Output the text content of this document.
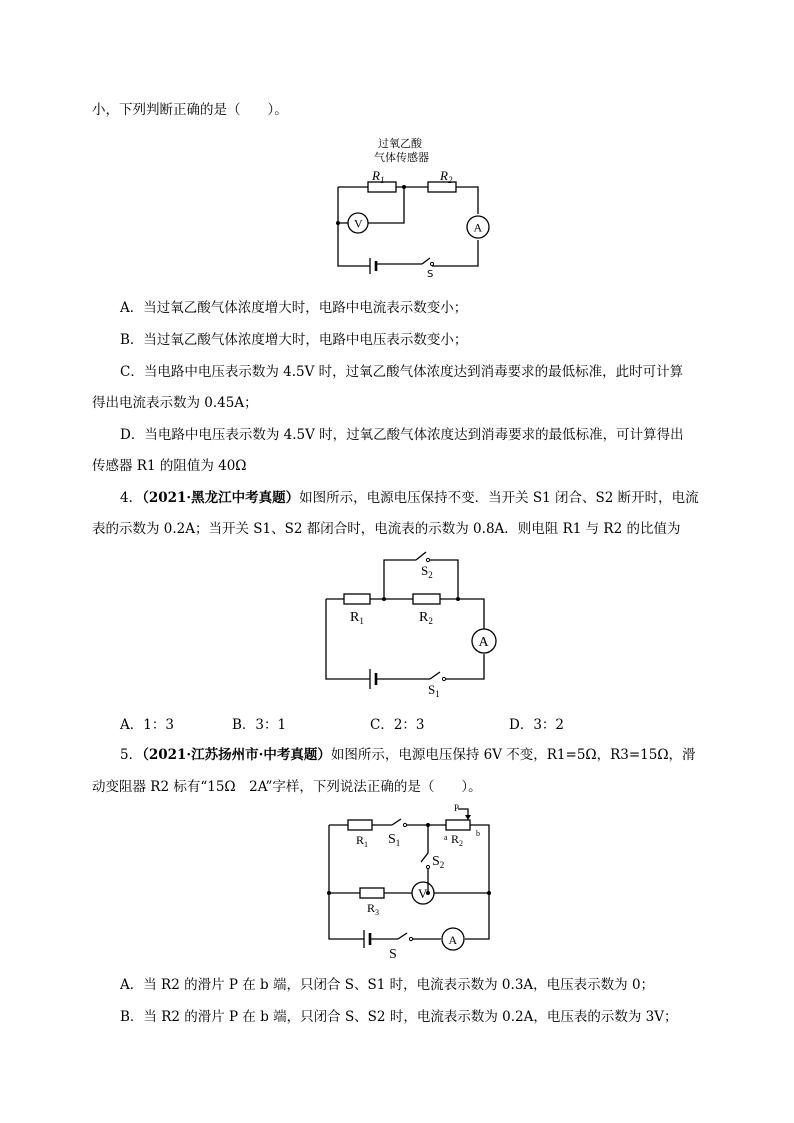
小，下列判断正确的是（　　）。
过氧乙酸
气体传感器
$R_1$	$R_2$
V	A
S
A．当过氧乙酸气体浓度增大时，电路中电流表示数变小；
B．当过氧乙酸气体浓度增大时，电路中电压表示数变小；
C．当电路中电压表示数为 4.5V 时，过氧乙酸气体浓度达到消毒要求的最低标准，此时可计算
得出电流表示数为 0.45A；
D．当电路中电压表示数为 4.5V 时，过氧乙酸气体浓度达到消毒要求的最低标准，可计算得出
传感器 R1 的阻值为 40Ω
4．（2021·黑龙江中考真题）如图所示，电源电压保持不变．当开关 S1 闭合、S2 断开时，电流
表的示数为 0.2A；当开关 S1、S2 都闭合时，电流表的示数为 0.8A．则电阻 R1 与 R2 的比值为
$S_2$
$R_1$	$R_2$
A
$S_1$
A．1：3	B．3：1	C．2：3	D．3：2
5．（2021·江苏扬州市·中考真题）如图所示，电源电压保持 6V 不变，R1=5Ω，R3=15Ω，滑
动变阻器 R2 标有“15Ω　2A”字样，下列说法正确的是（　　）。
$R_1$ $S_1$
P
a	b
$R_2$
$S_2$
$R_3$
V
S
A
A．当 R2 的滑片 P 在 b 端，只闭合 S、S1 时，电流表示数为 0.3A，电压表示数为 0；
B．当 R2 的滑片 P 在 b 端，只闭合 S、S2 时，电流表示数为 0.2A，电压表的示数为 3V；
